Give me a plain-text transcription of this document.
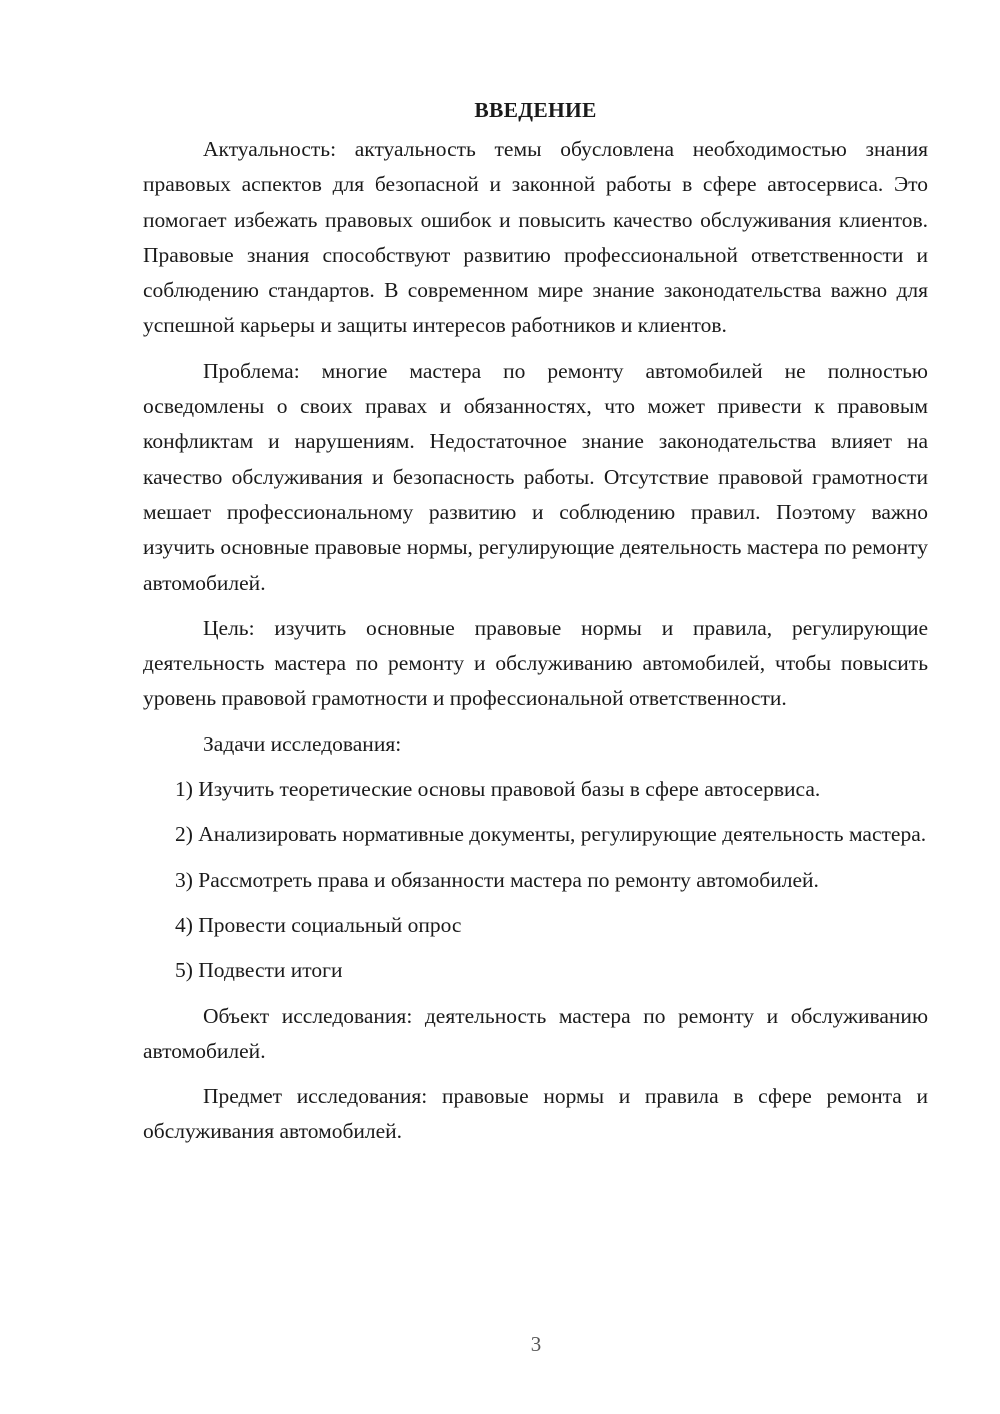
ВВЕДЕНИЕ

Актуальность: актуальность темы обусловлена необходимостью знания правовых аспектов для безопасной и законной работы в сфере автосервиса. Это помогает избежать правовых ошибок и повысить качество обслуживания клиентов. Правовые знания способствуют развитию профессиональной ответственности и соблюдению стандартов. В современном мире знание законодательства важно для успешной карьеры и защиты интересов работников и клиентов.

Проблема: многие мастера по ремонту автомобилей не полностью осведомлены о своих правах и обязанностях, что может привести к правовым конфликтам и нарушениям. Недостаточное знание законодательства влияет на качество обслуживания и безопасность работы. Отсутствие правовой грамотности мешает профессиональному развитию и соблюдению правил. Поэтому важно изучить основные правовые нормы, регулирующие деятельность мастера по ремонту автомобилей.

Цель: изучить основные правовые нормы и правила, регулирующие деятельность мастера по ремонту и обслуживанию автомобилей, чтобы повысить уровень правовой грамотности и профессиональной ответственности.

Задачи исследования:

1) Изучить теоретические основы правовой базы в сфере автосервиса.

2) Анализировать нормативные документы, регулирующие деятельность мастера.

3) Рассмотреть права и обязанности мастера по ремонту автомобилей.

4) Провести социальный опрос

5) Подвести итоги

Объект исследования: деятельность мастера по ремонту и обслуживанию автомобилей.

Предмет исследования: правовые нормы и правила в сфере ремонта и обслуживания автомобилей.

3
